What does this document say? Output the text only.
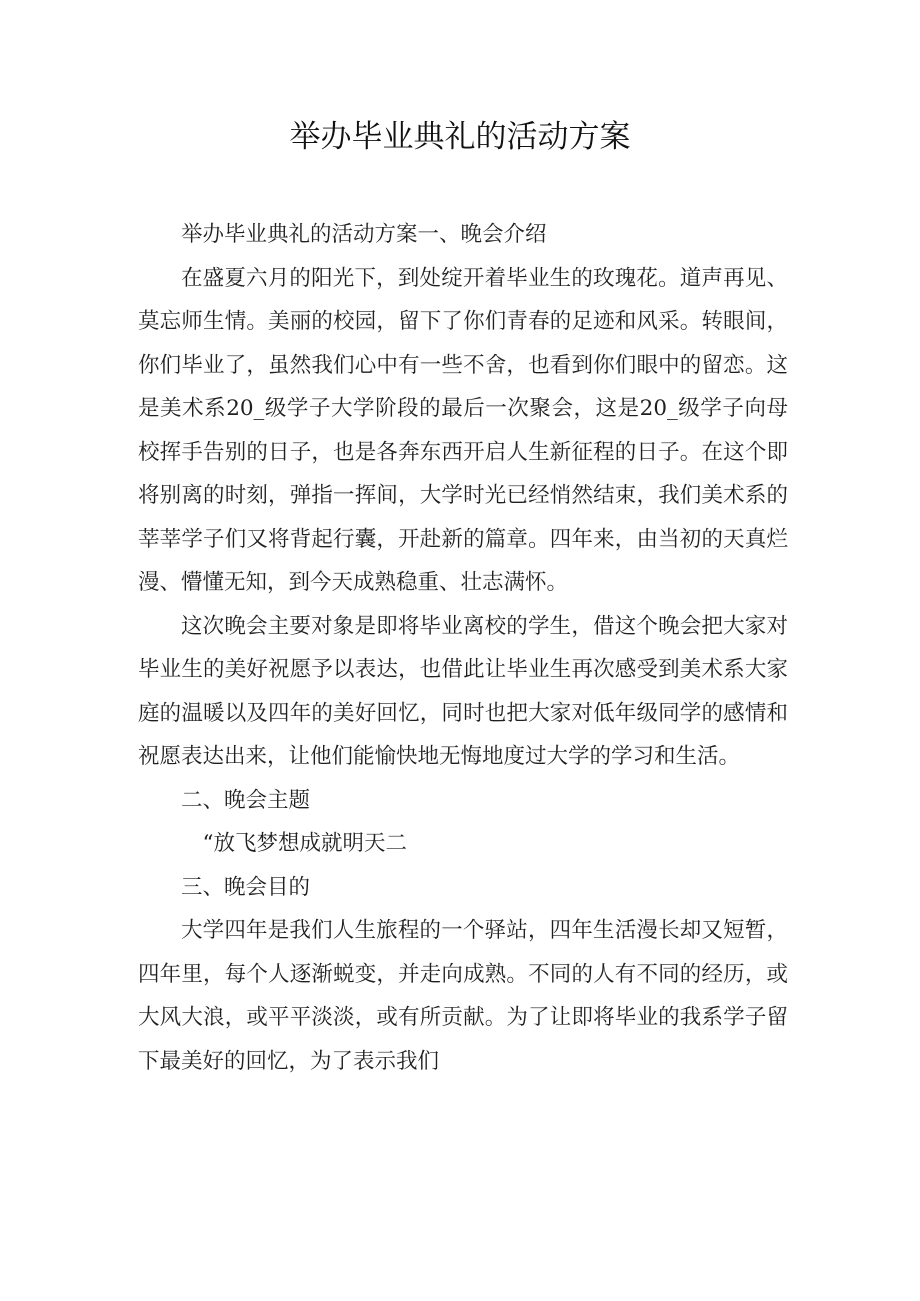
举办毕业典礼的活动方案

举办毕业典礼的活动方案一、晚会介绍

在盛夏六月的阳光下，到处绽开着毕业生的玫瑰花。道声再见、莫忘师生情。美丽的校园，留下了你们青春的足迹和风采。转眼间，你们毕业了，虽然我们心中有一些不舍，也看到你们眼中的留恋。这是美术系20_级学子大学阶段的最后一次聚会，这是20_级学子向母校挥手告别的日子，也是各奔东西开启人生新征程的日子。在这个即将别离的时刻，弹指一挥间，大学时光已经悄然结束，我们美术系的莘莘学子们又将背起行囊，开赴新的篇章。四年来，由当初的天真烂漫、懵懂无知，到今天成熟稳重、壮志满怀。

这次晚会主要对象是即将毕业离校的学生，借这个晚会把大家对毕业生的美好祝愿予以表达，也借此让毕业生再次感受到美术系大家庭的温暖以及四年的美好回忆，同时也把大家对低年级同学的感情和祝愿表达出来，让他们能愉快地无悔地度过大学的学习和生活。

二、晚会主题

“放飞梦想成就明天二

三、晚会目的

大学四年是我们人生旅程的一个驿站，四年生活漫长却又短暂，四年里，每个人逐渐蜕变，并走向成熟。不同的人有不同的经历，或大风大浪，或平平淡淡，或有所贡献。为了让即将毕业的我系学子留下最美好的回忆，为了表示我们
